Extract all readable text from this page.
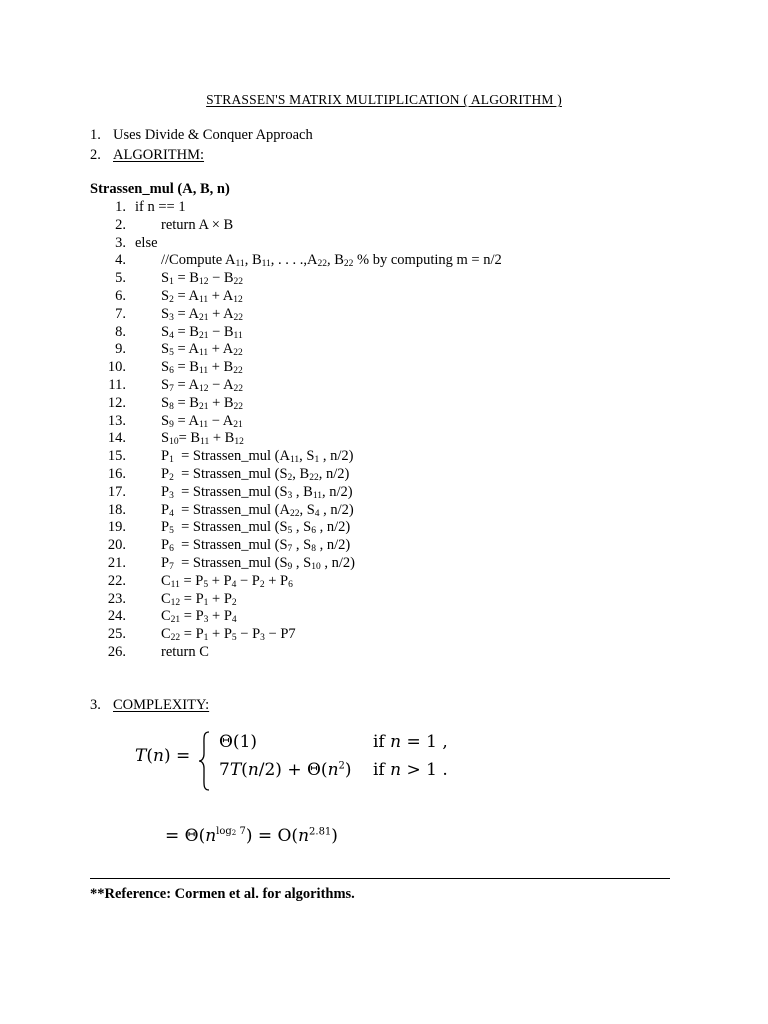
STRASSEN'S MATRIX MULTIPLICATION ( ALGORITHM )
1. Uses Divide & Conquer Approach
2. ALGORITHM:
Strassen_mul (A, B, n)
1. if n == 1
2. return A × B
3. else
4. //Compute $A_{11}$, $B_{11}$, . . . $.,A_{22}$, $B_{22}$ % by computing m = n/2
5. $S_1 = B_{12} - B_{22}$
6. $S_2 = A_{11} + A_{12}$
7. $S_3 = A_{21} + A_{22}$
8. $S_4 = B_{21} - B_{11}$
9. $S_5 = A_{11} + A_{22}$
10. $S_6 = B_{11} + B_{22}$
11. $S_7 = A_{12} - A_{22}$
12. $S_8 = B_{21} + B_{22}$
13. $S_9 = A_{11} - A_{21}$
14. $S_{10}= B_{11} + B_{12}$
15. $P_1$  = Strassen_mul ($A_{11}$, $S_1$ , n/2)
16. $P_2$  = Strassen_mul ($S_2$, $B_{22}$, n/2)
17. $P_3$  = Strassen_mul ($S_3$ , $B_{11}$, n/2)
18. $P_4$  = Strassen_mul ($A_{22}$, $S_4$ , n/2)
19. $P_5$  = Strassen_mul ($S_5$ , $S_6$ , n/2)
20. $P_6$  = Strassen_mul ($S_7$ , $S_8$ , n/2)
21. $P_7$  = Strassen_mul ($S_9$ , $S_{10}$ , n/2)
22. $C_{11} = P_5 + P_4 - P_2 + P_6$
23. $C_{12} = P_1 + P_2$
24. $C_{21} = P_3 + P_4$
25. $C_{22} = P_1 + P_5 - P_3 - P7$
26. return C
3. COMPLEXITY:
T(n) =
Θ(1)	if n = 1 ,
$7T(n/2) + \Theta(n^2)$ if n > 1 .
= $\Theta(n^{log_2 7}) = O(n^{2.81})$
**Reference: Cormen et al. for algorithms.
